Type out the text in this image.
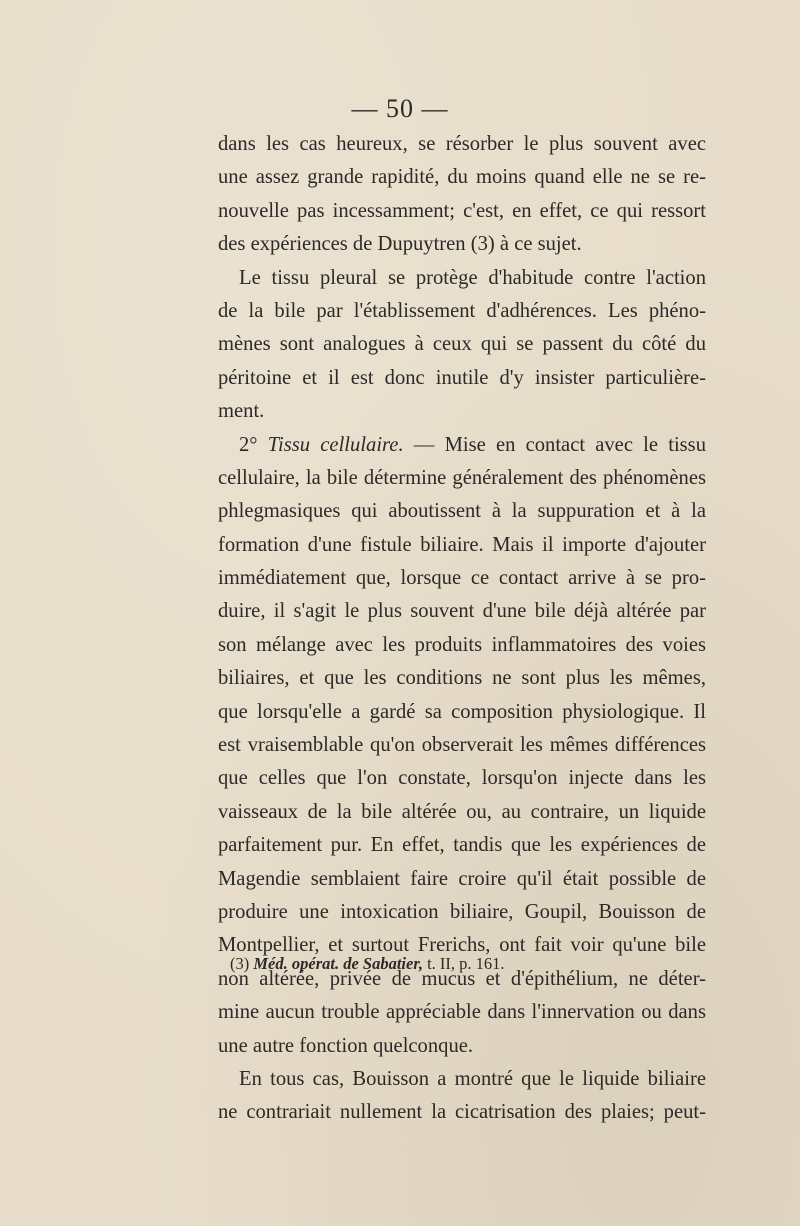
— 50 —
dans les cas heureux, se résorber le plus souvent avec
une assez grande rapidité, du moins quand elle ne se re-
nouvelle pas incessamment; c'est, en effet, ce qui ressort
des expériences de Dupuytren (3) à ce sujet.
Le tissu pleural se protège d'habitude contre l'action
de la bile par l'établissement d'adhérences. Les phéno-
mènes sont analogues à ceux qui se passent du côté du
péritoine et il est donc inutile d'y insister particulière-
ment.
2° Tissu cellulaire. — Mise en contact avec le tissu
cellulaire, la bile détermine généralement des phénomènes
phlegmasiques qui aboutissent à la suppuration et à la
formation d'une fistule biliaire. Mais il importe d'ajouter
immédiatement que, lorsque ce contact arrive à se pro-
duire, il s'agit le plus souvent d'une bile déjà altérée par
son mélange avec les produits inflammatoires des voies
biliaires, et que les conditions ne sont plus les mêmes,
que lorsqu'elle a gardé sa composition physiologique. Il
est vraisemblable qu'on observerait les mêmes différences
que celles que l'on constate, lorsqu'on injecte dans les
vaisseaux de la bile altérée ou, au contraire, un liquide
parfaitement pur. En effet, tandis que les expériences de
Magendie semblaient faire croire qu'il était possible de
produire une intoxication biliaire, Goupil, Bouisson de
Montpellier, et surtout Frerichs, ont fait voir qu'une bile
non altérée, privée de mucus et d'épithélium, ne déter-
mine aucun trouble appréciable dans l'innervation ou dans
une autre fonction quelconque.
En tous cas, Bouisson a montré que le liquide biliaire
ne contrariait nullement la cicatrisation des plaies; peut-
(3) Méd. opérat. de Sabatier, t. II, p. 161.
